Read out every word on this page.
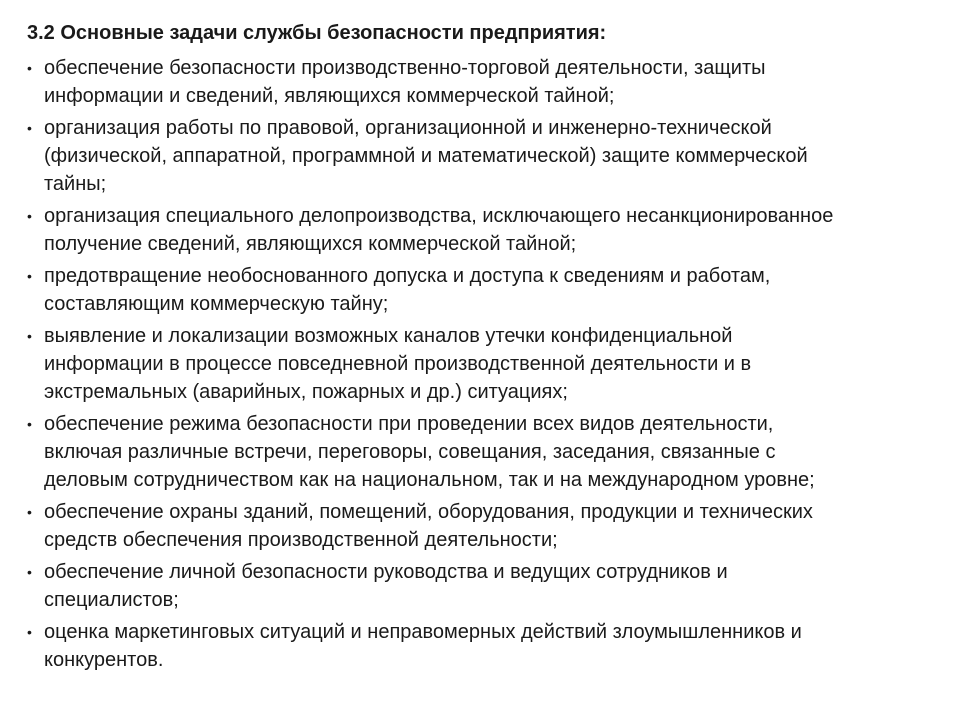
3.2 Основные задачи службы безопасности предприятия:
• обеспечение безопасности производственно-торговой деятельности, защиты
информации и сведений, являющихся коммерческой тайной;
• организация работы по правовой, организационной и инженерно-технической
(физической, аппаратной, программной и математической) защите коммерческой
тайны;
• организация специального делопроизводства, исключающего несанкционированное
получение сведений, являющихся коммерческой тайной;
• предотвращение необоснованного допуска и доступа к сведениям и работам,
составляющим коммерческую тайну;
• выявление и локализации возможных каналов утечки конфиденциальной
информации в процессе повседневной производственной деятельности и в
экстремальных (аварийных, пожарных и др.) ситуациях;
• обеспечение режима безопасности при проведении всех видов деятельности,
включая различные встречи, переговоры, совещания, заседания, связанные с
деловым сотрудничеством как на национальном, так и на международном уровне;
• обеспечение охраны зданий, помещений, оборудования, продукции и технических
средств обеспечения производственной деятельности;
• обеспечение личной безопасности руководства и ведущих сотрудников и
специалистов;
• оценка маркетинговых ситуаций и неправомерных действий злоумышленников и
конкурентов.
